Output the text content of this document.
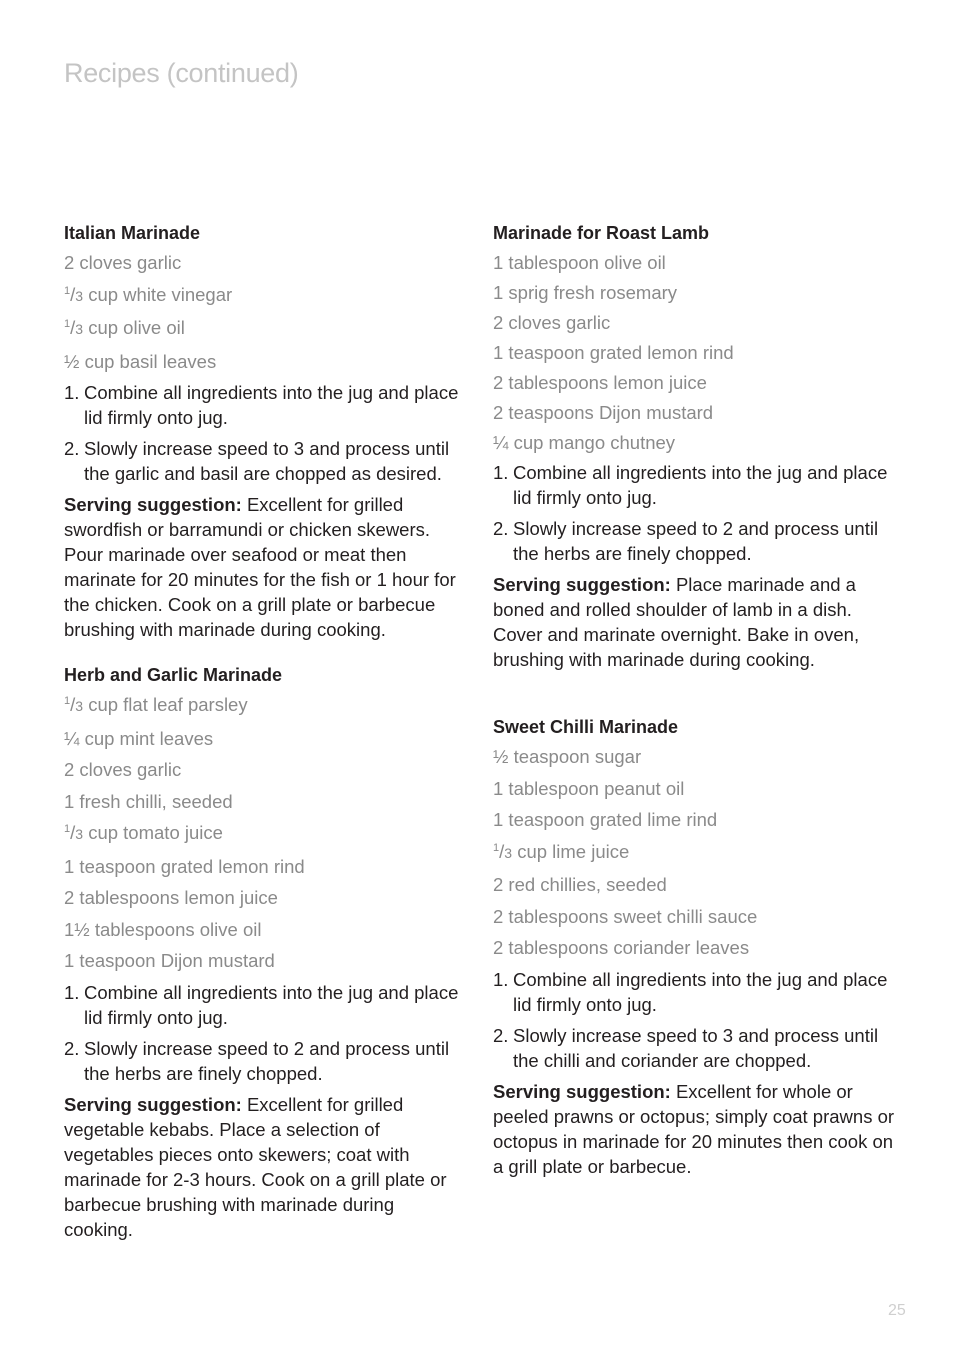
Recipes (continued)
Italian Marinade
2 cloves garlic
$^1$/3 cup white vinegar
$^1$/3 cup olive oil
½ cup basil leaves
1. Combine all ingredients into the jug and place lid firmly onto jug.
2. Slowly increase speed to 3 and process until the garlic and basil are chopped as desired.

Serving suggestion: Excellent for grilled swordfish or barramundi or chicken skewers. Pour marinade over seafood or meat then marinate for 20 minutes for the fish or 1 hour for the chicken. Cook on a grill plate or barbecue brushing with marinade during cooking.

Herb and Garlic Marinade
$^1$/3 cup flat leaf parsley
¼ cup mint leaves
2 cloves garlic
1 fresh chilli, seeded
$^1$/3 cup tomato juice
1 teaspoon grated lemon rind
2 tablespoons lemon juice
1½ tablespoons olive oil
1 teaspoon Dijon mustard
1. Combine all ingredients into the jug and place lid firmly onto jug.
2. Slowly increase speed to 2 and process until the herbs are finely chopped.

Serving suggestion: Excellent for grilled vegetable kebabs. Place a selection of vegetables pieces onto skewers; coat with marinade for 2-3 hours. Cook on a grill plate or barbecue brushing with marinade during cooking.

Marinade for Roast Lamb
1 tablespoon olive oil
1 sprig fresh rosemary
2 cloves garlic
1 teaspoon grated lemon rind
2 tablespoons lemon juice
2 teaspoons Dijon mustard
¼ cup mango chutney
1. Combine all ingredients into the jug and place lid firmly onto jug.
2. Slowly increase speed to 2 and process until the herbs are finely chopped.

Serving suggestion: Place marinade and a boned and rolled shoulder of lamb in a dish. Cover and marinate overnight. Bake in oven, brushing with marinade during cooking.

Sweet Chilli Marinade
½ teaspoon sugar
1 tablespoon peanut oil
1 teaspoon grated lime rind
$^1$/3 cup lime juice
2 red chillies, seeded
2 tablespoons sweet chilli sauce
2 tablespoons coriander leaves
1. Combine all ingredients into the jug and place lid firmly onto jug.
2. Slowly increase speed to 3 and process until the chilli and coriander are chopped.

Serving suggestion: Excellent for whole or peeled prawns or octopus; simply coat prawns or octopus in marinade for 20 minutes then cook on a grill plate or barbecue.

25
